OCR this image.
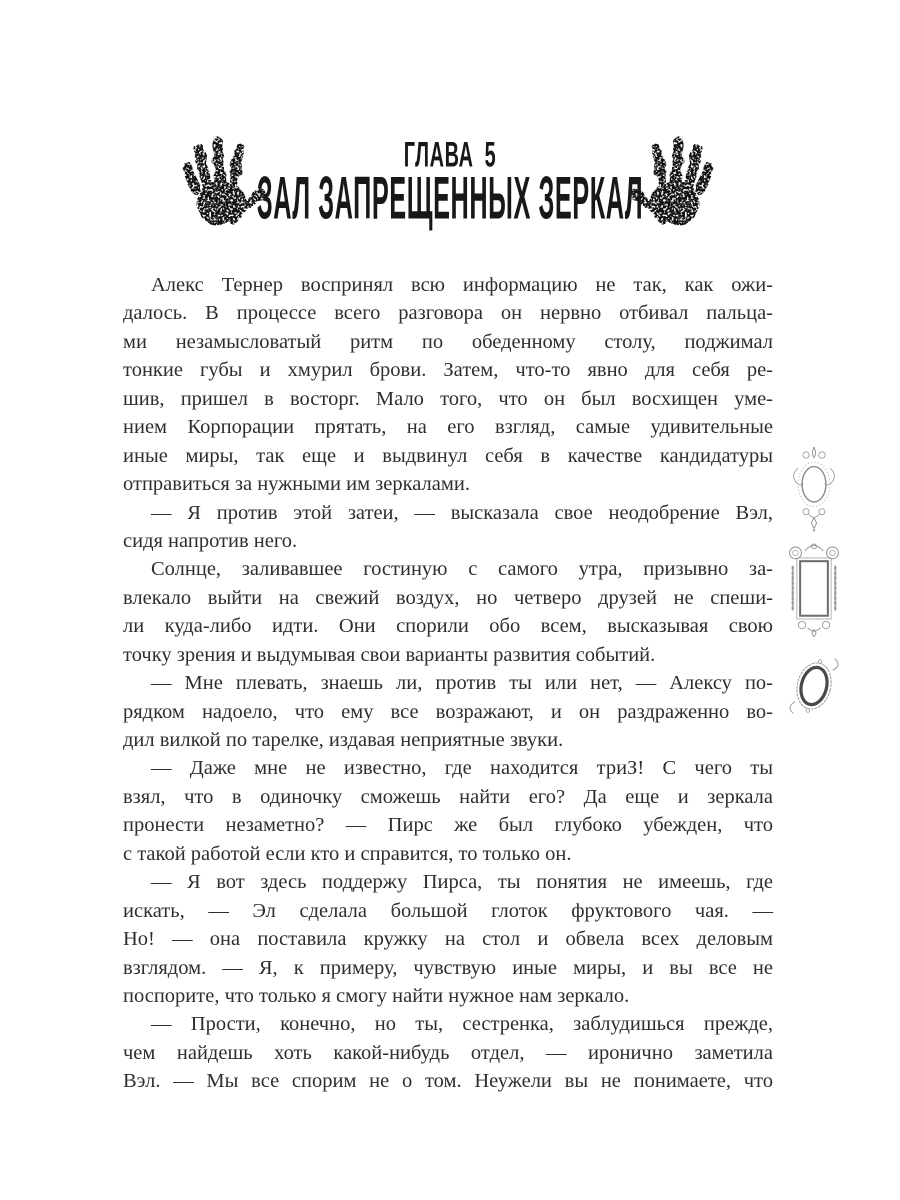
ГЛАВА 5
ЗАЛ ЗАПРЕЩЕННЫХ ЗЕРКАЛ
Алекс Тернер воспринял всю информацию не так, как ожи-
далось. В процессе всего разговора он нервно отбивал пальца-
ми незамысловатый ритм по обеденному столу, поджимал
тонкие губы и хмурил брови. Затем, что-то явно для себя ре-
шив, пришел в восторг. Мало того, что он был восхищен уме-
нием Корпорации прятать, на его взгляд, самые удивительные
иные миры, так еще и выдвинул себя в качестве кандидатуры
отправиться за нужными им зеркалами.
— Я против этой затеи, — высказала свое неодобрение Вэл,
сидя напротив него.
Солнце, заливавшее гостиную с самого утра, призывно за-
влекало выйти на свежий воздух, но четверо друзей не спеши-
ли куда-либо идти. Они спорили обо всем, высказывая свою
точку зрения и выдумывая свои варианты развития событий.
— Мне плевать, знаешь ли, против ты или нет, — Алексу по-
рядком надоело, что ему все возражают, и он раздраженно во-
дил вилкой по тарелке, издавая неприятные звуки.
— Даже мне не известно, где находится триЗ! С чего ты
взял, что в одиночку сможешь найти его? Да еще и зеркала
пронести незаметно? — Пирс же был глубоко убежден, что
с такой работой если кто и справится, то только он.
— Я вот здесь поддержу Пирса, ты понятия не имеешь, где
искать, — Эл сделала большой глоток фруктового чая. —
Но! — она поставила кружку на стол и обвела всех деловым
взглядом. — Я, к примеру, чувствую иные миры, и вы все не
поспорите, что только я смогу найти нужное нам зеркало.
— Прости, конечно, но ты, сестренка, заблудишься прежде,
чем найдешь хоть какой-нибудь отдел, — иронично заметила
Вэл. — Мы все спорим не о том. Неужели вы не понимаете, что
